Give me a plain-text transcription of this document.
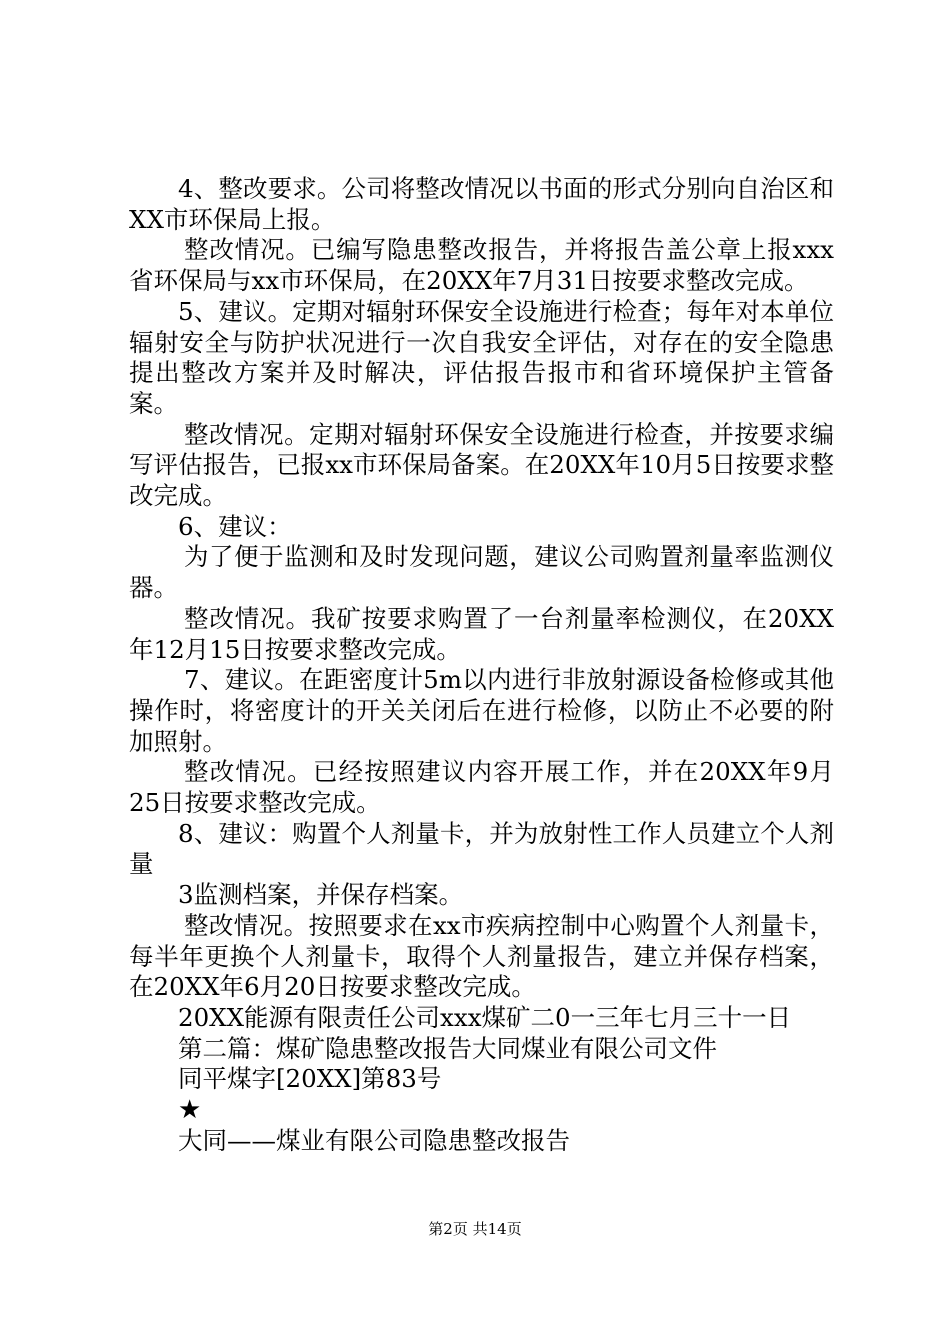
4、整改要求。公司将整改情况以书面的形式分别向自治区和XX市环保局上报。

整改情况。已编写隐患整改报告，并将报告盖公章上报xxx省环保局与xx市环保局，在20XX年7月31日按要求整改完成。

5、建议。定期对辐射环保安全设施进行检查；每年对本单位辐射安全与防护状况进行一次自我安全评估，对存在的安全隐患提出整改方案并及时解决，评估报告报市和省环境保护主管备案。

整改情况。定期对辐射环保安全设施进行检查，并按要求编写评估报告，已报xx市环保局备案。在20XX年10月5日按要求整改完成。

6、建议：

为了便于监测和及时发现问题，建议公司购置剂量率监测仪器。

整改情况。我矿按要求购置了一台剂量率检测仪，在20XX年12月15日按要求整改完成。

7、建议。在距密度计5m以内进行非放射源设备检修或其他操作时，将密度计的开关关闭后在进行检修，以防止不必要的附加照射。

整改情况。已经按照建议内容开展工作，并在20XX年9月25日按要求整改完成。

8、建议：购置个人剂量卡，并为放射性工作人员建立个人剂量

3监测档案，并保存档案。

整改情况。按照要求在xx市疾病控制中心购置个人剂量卡，每半年更换个人剂量卡，取得个人剂量报告，建立并保存档案，在20XX年6月20日按要求整改完成。

20XX能源有限责任公司xxx煤矿二0一三年七月三十一日

第二篇：煤矿隐患整改报告大同煤业有限公司文件

同平煤字[20XX]第83号

★

大同——煤业有限公司隐患整改报告

第2页 共14页
